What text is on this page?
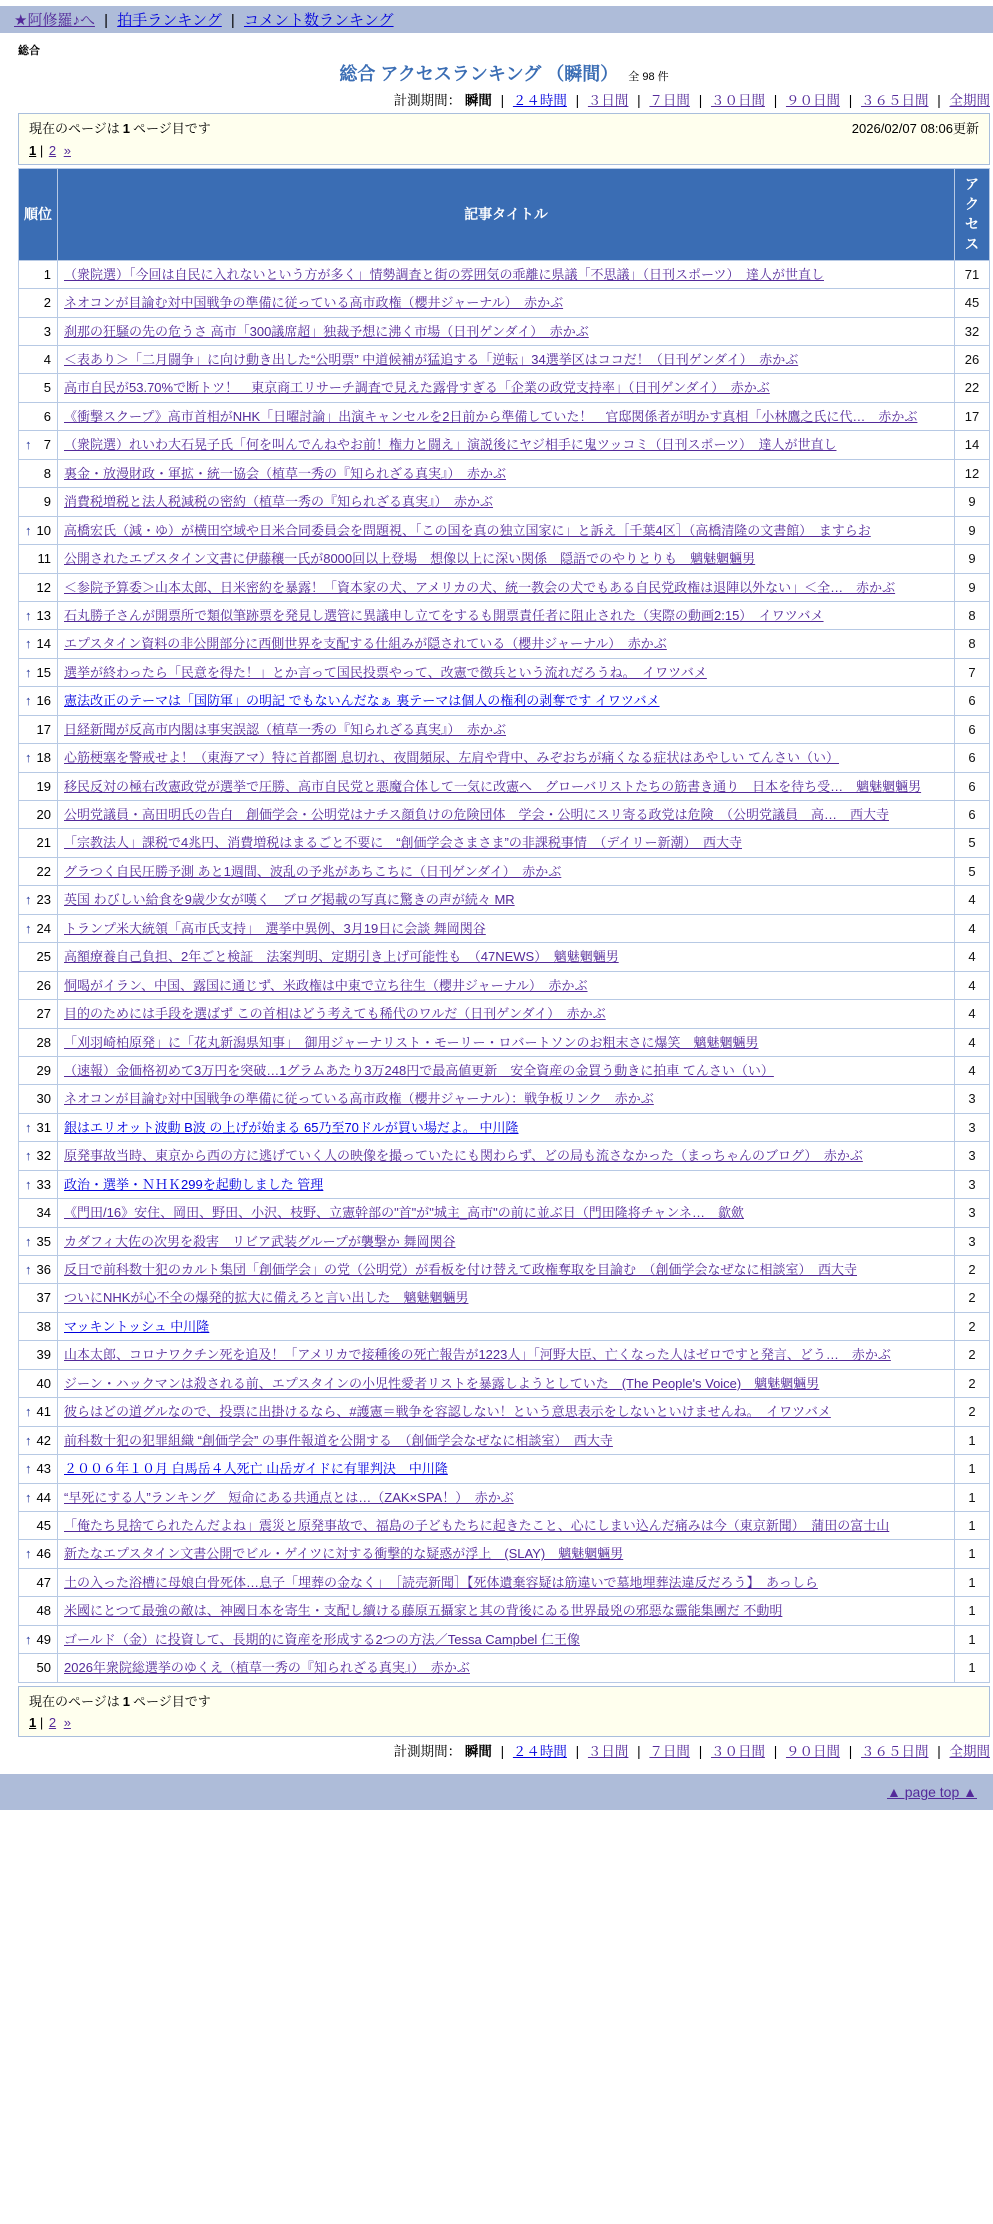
★阿修羅♪へ | 拍手ランキング | コメント数ランキング
総合
総合 アクセスランキング （瞬間） 全 98 件
計測期間： 瞬間 | ２４時間 | ３日間 | ７日間 | ３０日間 | ９０日間 | ３６５日間 | 全期間
現在のページは 1 ページ目です	2026/02/07 08:06更新
1 | 2 »
順位	記事タイトル	アクセス
1	（衆院選）「今回は自民に入れないという方が多く」情勢調査と街の雰囲気の乖離に県議「不思議」（日刊スポーツ）　達人が世直し	71
2	ネオコンが目論む対中国戦争の準備に従っている高市政権（櫻井ジャーナル）　赤かぶ	45
3	刹那の狂騒の先の危うさ 高市「300議席超」独裁予想に沸く市場（日刊ゲンダイ）　赤かぶ	32
4	＜表あり＞「二月闘争」に向け動き出した“公明票” 中道候補が猛追する「逆転」34選挙区はココだ！（日刊ゲンダイ）　赤かぶ	26
5	高市自民が53.70%で断トツ！　東京商工リサーチ調査で見えた露骨すぎる「企業の政党支持率」（日刊ゲンダイ）　赤かぶ	22
6	《衝撃スクープ》高市首相がNHK「日曜討論」出演キャンセルを2日前から準備していた！　官邸関係者が明かす真相「小林鷹之氏に代…　赤かぶ	17

↑ 7	（衆院選）れいわ大石晃子氏「何を叫んでんねやお前！権力と闘え」演説後にヤジ相手に鬼ツッコミ（日刊スポーツ）　達人が世直し	14
8	裏金・放漫財政・軍拡・統一協会（植草一秀の『知られざる真実』）　赤かぶ	12
9	消費税増税と法人税減税の密約（植草一秀の『知られざる真実』）　赤かぶ	9

↑ 10	高橋宏氏（減・ゆ）が横田空域や日米合同委員会を問題視、「この国を真の独立国家に」と訴え［千葉4区］（高橋清隆の文書館）　ますらお	9
11	公開されたエプスタイン文書に伊藤穰一氏が8000回以上登場　想像以上に深い関係　隠語でのやりとりも　魑魅魍魎男	9
12	＜参院予算委＞山本太郎、日米密約を暴露！「資本家の犬、アメリカの犬、統一教会の犬でもある自民党政権は退陣以外ない」＜全…　赤かぶ	9

↑ 13	石丸勝子さんが開票所で類似筆跡票を発見し選管に異議申し立てをするも開票責任者に阻止された（実際の動画2:15）　イワツバメ	8

↑ 14	エプスタイン資料の非公開部分に西側世界を支配する仕組みが隠されている（櫻井ジャーナル）　赤かぶ	8

↑ 15	選挙が終わったら「民意を得た！」とか言って国民投票やって、改憲で徴兵という流れだろうね。　イワツバメ	7

↑ 16	憲法改正のテーマは「国防軍」の明記 でもないんだなぁ 裏テーマは個人の権利の剥奪です イワツバメ	6
17	日経新聞が反高市内閣は事実誤認（植草一秀の『知られざる真実』）　赤かぶ	6

↑ 18	心筋梗塞を警戒せよ！（東海アマ）特に首都圏 息切れ、夜間頻尿、左肩や背中、みぞおちが痛くなる症状はあやしい てんさい（い）	6
19	移民反対の極右改憲政党が選挙で圧勝、高市自民党と悪魔合体して一気に改憲へ　グローバリストたちの筋書き通り　日本を待ち受…　魑魅魍魎男	6
20	公明党議員・高田明氏の告白　創価学会・公明党はナチス顔負けの危険団体　学会・公明にスリ寄る政党は危険　（公明党議員　高…　西大寺	6
21	「宗教法人」課税で4兆円、消費増税はまるごと不要に　“創価学会さまさま”の非課税事情　（デイリー新潮）　西大寺	5
22	グラつく自民圧勝予測 あと1週間、波乱の予兆があちこちに（日刊ゲンダイ）　赤かぶ	5

↑ 23	英国 わびしい給食を9歳少女が嘆く　ブログ掲載の写真に驚きの声が続々 MR	4

↑ 24	トランプ米大統領「高市氏支持」　選挙中異例、3月19日に会談 舞岡関谷	4
25	高額療養自己負担、2年ごと検証　法案判明、定期引き上げ可能性も　（47NEWS）　魑魅魍魎男	4
26	恫喝がイラン、中国、露国に通じず、米政権は中東で立ち往生（櫻井ジャーナル）　赤かぶ	4
27	目的のためには手段を選ばず この首相はどう考えても稀代のワルだ（日刊ゲンダイ）　赤かぶ	4
28	「刈羽崎柏原発」に「花丸新潟県知事」　御用ジャーナリスト・モーリー・ロバートソンのお粗末さに爆笑　魑魅魍魎男	4
29	（速報）金価格初めて3万円を突破…1グラムあたり3万248円で最高値更新　安全資産の金買う動きに拍車 てんさい（い）	4
30	ネオコンが目論む対中国戦争の準備に従っている高市政権（櫻井ジャーナル）：戦争板リンク　赤かぶ	3

↑ 31	銀はエリオット波動 B波 の上げが始まる 65乃至70ドルが買い場だよ。 中川隆	3

↑ 32	原発事故当時、東京から西の方に逃げていく人の映像を撮っていたにも関わらず、どの局も流さなかった（まっちゃんのブログ）　赤かぶ	3

↑ 33	政治・選挙・ＮＨＫ299を起動しました 管理	3
34	《門田/16》安住、岡田、野田、小沢、枝野、立憲幹部の"首"が"城主_高市"の前に並ぶ日（門田隆将チャンネ…　歙歛	3

↑ 35	カダフィ大佐の次男を殺害　リビア武装グループが襲撃か 舞岡関谷	3

↑ 36	反日で前科数十犯のカルト集団「創価学会」の党（公明党）が看板を付け替えて政権奪取を目論む　（創価学会なぜなに相談室）　西大寺	2
37	ついにNHKが心不全の爆発的拡大に備えろと言い出した　魑魅魍魎男	2
38	マッキントッシュ 中川隆	2
39	山本太郎、コロナワクチン死を追及！「アメリカで接種後の死亡報告が1223人」「河野大臣、亡くなった人はゼロですと発言、どう…　赤かぶ	2
40	ジーン・ハックマンは殺される前、エプスタインの小児性愛者リストを暴露しようとしていた　(The People's Voice)　魑魅魍魎男	2

↑ 41	彼らはどの道グルなので、投票に出掛けるなら、#護憲＝戦争を容認しない！という意思表示をしないといけませんね。　イワツバメ	2

↑ 42	前科数十犯の犯罪組織 “創価学会” の事件報道を公開する　（創価学会なぜなに相談室）　西大寺	1

↑ 43	２００６年１０月 白馬岳４人死亡 山岳ガイドに有罪判決　中川隆	1

↑ 44	“早死にする人”ランキング　短命にある共通点とは…（ZAK×SPA！）　赤かぶ	1
45	「俺たち見捨てられたんだよね」震災と原発事故で、福島の子どもたちに起きたこと、心にしまい込んだ痛みは今（東京新聞）　蒲田の富士山	1

↑ 46	新たなエプスタイン文書公開でビル・ゲイツに対する衝撃的な疑惑が浮上　(SLAY)　魑魅魍魎男	1
47	土の入った浴槽に母娘白骨死体…息子「埋葬の金なく」　［読売新聞］【死体遺棄容疑は筋違いで墓地埋葬法違反だろう】　あっしら	1
48	米國にとつて最強の敵は、神國日本を寄生・支配し續ける藤原五攝家と其の背後にゐる世界最兇の邪惡な靈能集團だ 不動明	1

↑ 49	ゴールド（金）に投資して、長期的に資産を形成する2つの方法／Tessa Campbel 仁王像	1
50	2026年衆院総選挙のゆくえ（植草一秀の『知られざる真実』）　赤かぶ	1
現在のページは 1 ページ目です
1 | 2 »
計測期間： 瞬間 | ２４時間 | ３日間 | ７日間 | ３０日間 | ９０日間 | ３６５日間 | 全期間
▲ page top ▲
